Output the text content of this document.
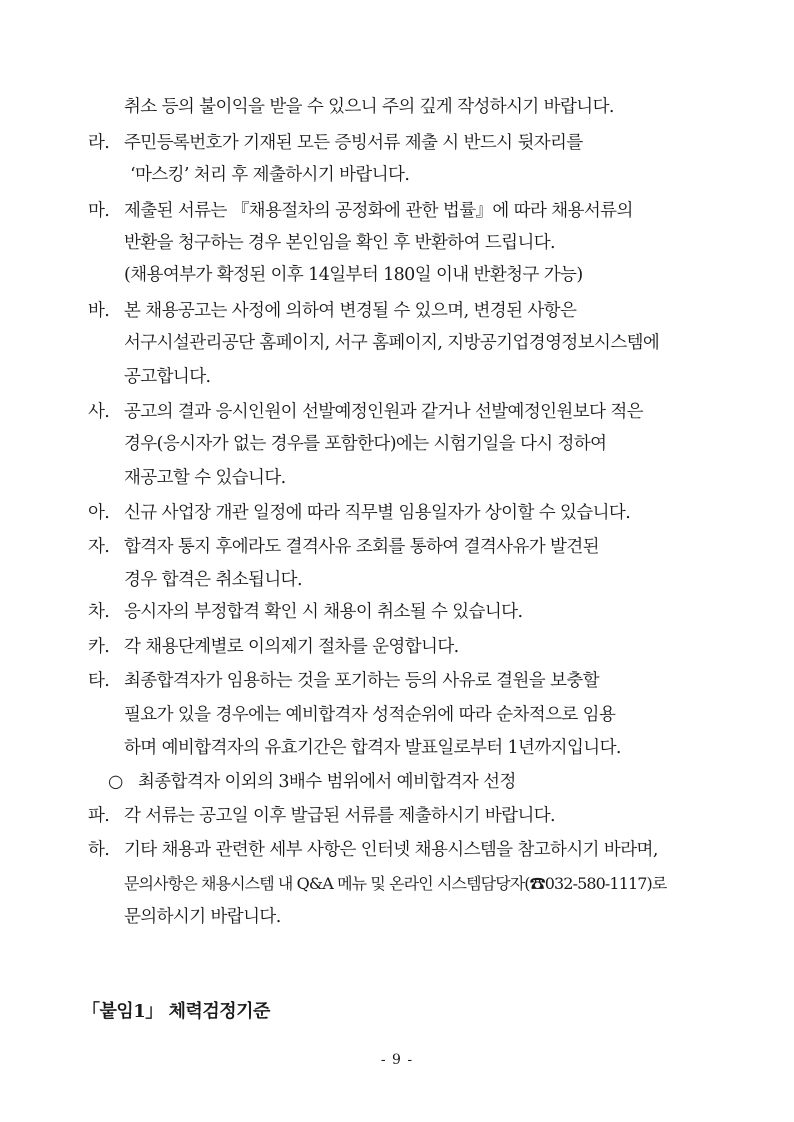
취소 등의 불이익을 받을 수 있으니 주의 깊게 작성하시기 바랍니다.
라. 주민등록번호가 기재된 모든 증빙서류 제출 시 반드시 뒷자리를
‘마스킹’ 처리 후 제출하시기 바랍니다.
마. 제출된 서류는 『채용절차의 공정화에 관한 법률』에 따라 채용서류의
반환을 청구하는 경우 본인임을 확인 후 반환하여 드립니다.
(채용여부가 확정된 이후 14일부터 180일 이내 반환청구 가능)
바. 본 채용공고는 사정에 의하여 변경될 수 있으며, 변경된 사항은
서구시설관리공단 홈페이지, 서구 홈페이지, 지방공기업경영정보시스템에
공고합니다.
사. 공고의 결과 응시인원이 선발예정인원과 같거나 선발예정인원보다 적은
경우(응시자가 없는 경우를 포함한다)에는 시험기일을 다시 정하여
재공고할 수 있습니다.
아. 신규 사업장 개관 일정에 따라 직무별 임용일자가 상이할 수 있습니다.
자. 합격자 통지 후에라도 결격사유 조회를 통하여 결격사유가 발견된
경우 합격은 취소됩니다.
차. 응시자의 부정합격 확인 시 채용이 취소될 수 있습니다.
카. 각 채용단계별로 이의제기 절차를 운영합니다.
타. 최종합격자가 임용하는 것을 포기하는 등의 사유로 결원을 보충할
필요가 있을 경우에는 예비합격자 성적순위에 따라 순차적으로 임용
하며 예비합격자의 유효기간은 합격자 발표일로부터 1년까지입니다.
○ 최종합격자 이외의 3배수 범위에서 예비합격자 선정
파. 각 서류는 공고일 이후 발급된 서류를 제출하시기 바랍니다.
하. 기타 채용과 관련한 세부 사항은 인터넷 채용시스템을 참고하시기 바라며,
문의사항은 채용시스템 내 Q&A 메뉴 및 온라인 시스템담당자(☎032-580-1117)로
문의하시기 바랍니다.
「붙임1」 체력검정기준
- 9 -
